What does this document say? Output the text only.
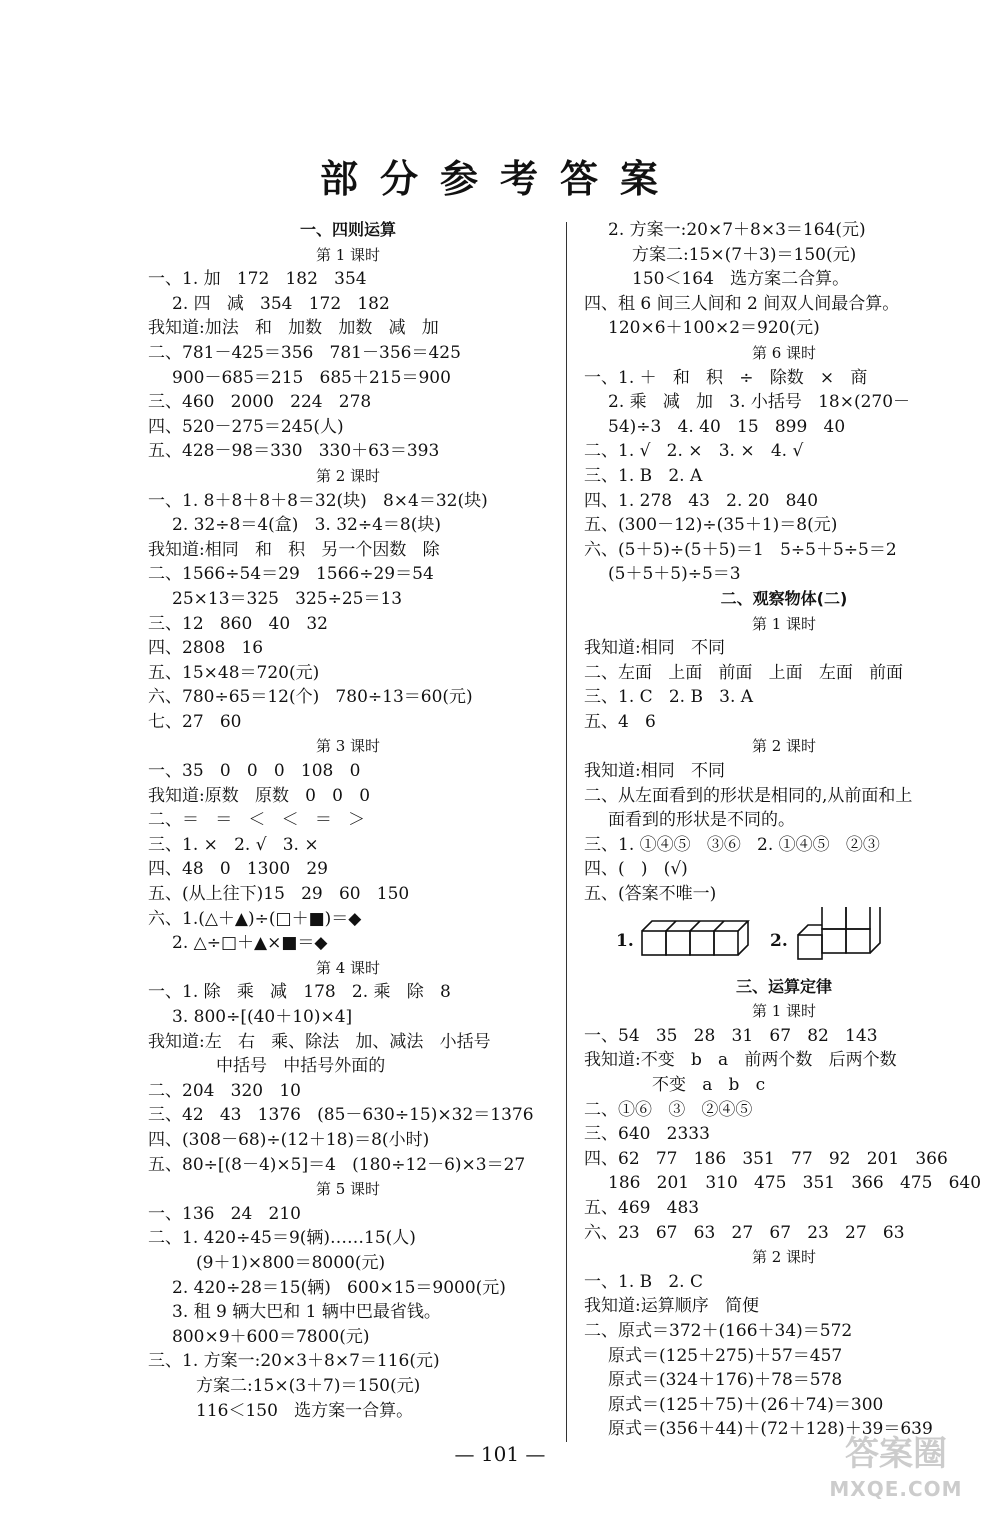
部分参考答案
一、四则运算
第 1 课时
一、1. 加   172   182   354
2. 四   减   354   172   182
我知道:加法   和   加数   加数   减   加
二、781－425＝356   781－356＝425
900－685＝215   685＋215＝900
三、460   2000   224   278
四、520－275＝245(人)
五、428－98＝330   330＋63＝393
第 2 课时
一、1. 8＋8＋8＋8＝32(块)   8×4＝32(块)
2. 32÷8＝4(盒)   3. 32÷4＝8(块)
我知道:相同   和   积   另一个因数   除
二、1566÷54＝29   1566÷29＝54
25×13＝325   325÷25＝13
三、12   860   40   32
四、2808   16
五、15×48＝720(元)
六、780÷65＝12(个)   780÷13＝60(元)
七、27   60
第 3 课时
一、35   0   0   0   108   0
我知道:原数   原数   0   0   0
二、＝   ＝   ＜   ＜   ＝   ＞
三、1. ×   2. √   3. ×
四、48   0   1300   29
五、(从上往下)15   29   60   150
六、1.(△＋▲)÷(□＋■)＝◆
2. △÷□＋▲×■＝◆
第 4 课时
一、1. 除   乘   减   178   2. 乘   除   8
3. 800÷[(40＋10)×4]
我知道:左   右   乘、除法   加、减法   小括号
中括号   中括号外面的
二、204   320   10
三、42   43   1376   (85－630÷15)×32＝1376
四、(308－68)÷(12＋18)＝8(小时)
五、80÷[(8－4)×5]＝4   (180÷12－6)×3＝27
第 5 课时
一、136   24   210
二、1. 420÷45＝9(辆)……15(人)
(9＋1)×800＝8000(元)
2. 420÷28＝15(辆)   600×15＝9000(元)
3. 租 9 辆大巴和 1 辆中巴最省钱。
800×9＋600＝7800(元)
三、1. 方案一:20×3＋8×7＝116(元)
方案二:15×(3＋7)＝150(元)
116＜150   选方案一合算。
2. 方案一:20×7＋8×3＝164(元)
方案二:15×(7＋3)＝150(元)
150＜164   选方案二合算。
四、租 6 间三人间和 2 间双人间最合算。
120×6＋100×2＝920(元)
第 6 课时
一、1. ＋   和   积   ÷   除数   ×   商
2. 乘   减   加   3. 小括号   18×(270－
54)÷3   4. 40   15   899   40
二、1. √   2. ×   3. ×   4. √
三、1. B   2. A
四、1. 278   43   2. 20   840
五、(300－12)÷(35＋1)＝8(元)
六、(5＋5)÷(5＋5)＝1   5÷5＋5÷5＝2
(5＋5＋5)÷5＝3
二、观察物体(二)
第 1 课时
我知道:相同   不同
二、左面   上面   前面   上面   左面   前面
三、1. C   2. B   3. A
五、4   6
第 2 课时
我知道:相同   不同
二、从左面看到的形状是相同的,从前面和上
面看到的形状是不同的。
三、1. ①④⑤   ③⑥   2. ①④⑤   ②③
四、(   )   (√)
五、(答案不唯一)

1.

	2.

三、运算定律
第 1 课时
一、54   35   28   31   67   82   143
我知道:不变   b   a   前两个数   后两个数
不变   a   b   c
二、①⑥   ③   ②④⑤
三、640   2333
四、62   77   186   351   77   92   201   366
186   201   310   475   351   366   475   640
五、469   483
六、23   67   63   27   67   23   27   63
第 2 课时
一、1. B   2. C
我知道:运算顺序   简便
二、原式＝372＋(166＋34)＝572
原式＝(125＋275)＋57＝457
原式＝(324＋176)＋78＝578
原式＝(125＋75)＋(26＋74)＝300
原式＝(356＋44)＋(72＋128)＋39＝639
— 101 —	答案圈
MXQE.COM
